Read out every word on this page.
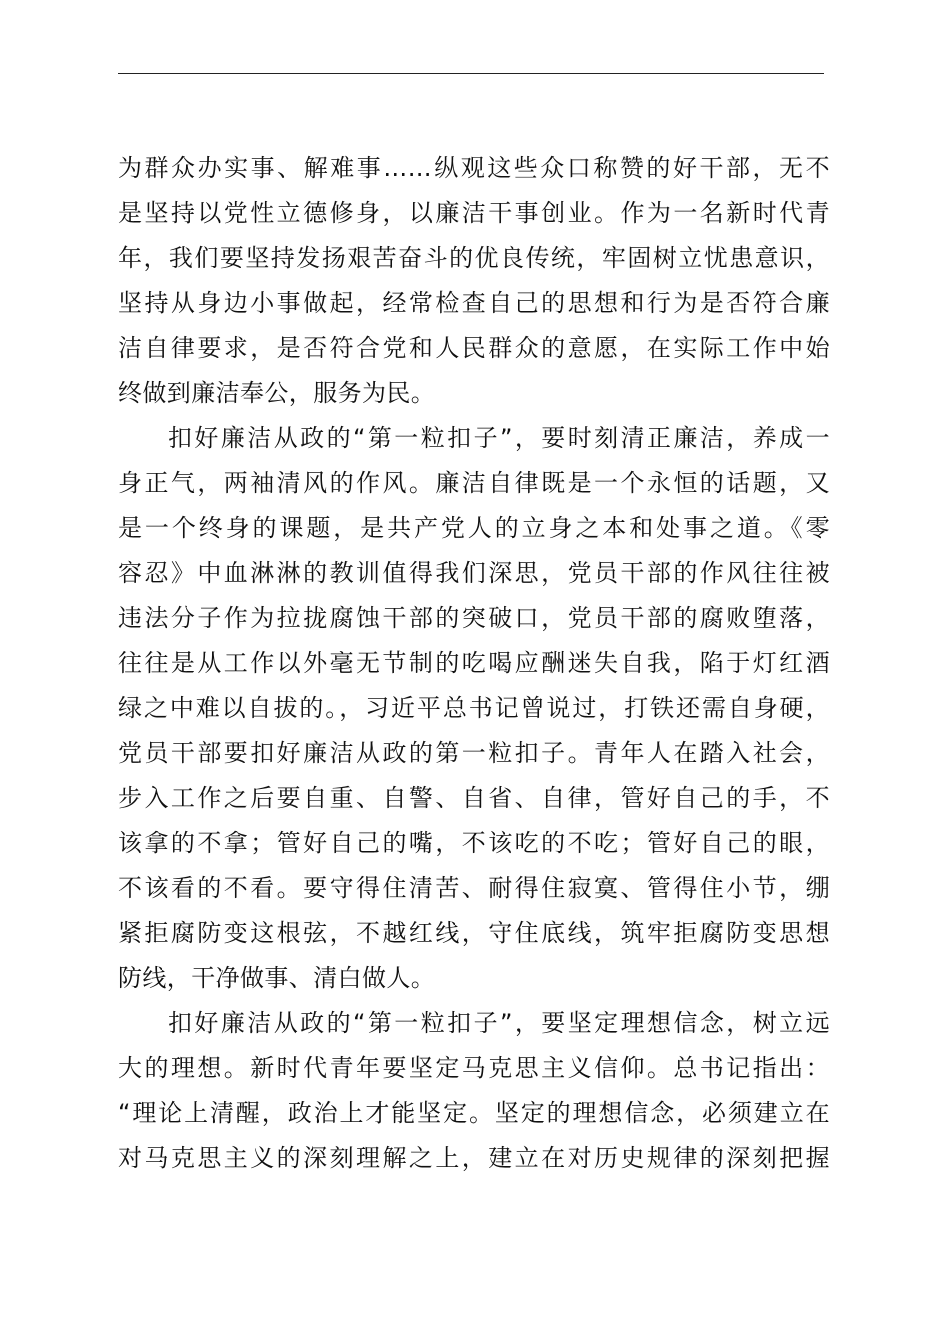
为群众办实事、解难事……纵观这些众口称赞的好干部，无不
是坚持以党性立德修身，以廉洁干事创业。作为一名新时代青
年，我们要坚持发扬艰苦奋斗的优良传统，牢固树立忧患意识，
坚持从身边小事做起，经常检查自己的思想和行为是否符合廉
洁自律要求，是否符合党和人民群众的意愿，在实际工作中始
终做到廉洁奉公，服务为民。
扣好廉洁从政的“第一粒扣子”，要时刻清正廉洁，养成一
身正气，两袖清风的作风。廉洁自律既是一个永恒的话题，又
是一个终身的课题，是共产党人的立身之本和处事之道。《零
容忍》中血淋淋的教训值得我们深思，党员干部的作风往往被
违法分子作为拉拢腐蚀干部的突破口，党员干部的腐败堕落，
往往是从工作以外毫无节制的吃喝应酬迷失自我，陷于灯红酒
绿之中难以自拔的。，习近平总书记曾说过，打铁还需自身硬，
党员干部要扣好廉洁从政的第一粒扣子。青年人在踏入社会，
步入工作之后要自重、自警、自省、自律，管好自己的手，不
该拿的不拿；管好自己的嘴，不该吃的不吃；管好自己的眼，
不该看的不看。要守得住清苦、耐得住寂寞、管得住小节，绷
紧拒腐防变这根弦，不越红线，守住底线，筑牢拒腐防变思想
防线，干净做事、清白做人。
扣好廉洁从政的“第一粒扣子”，要坚定理想信念，树立远
大的理想。新时代青年要坚定马克思主义信仰。总书记指出：
“理论上清醒，政治上才能坚定。坚定的理想信念，必须建立在
对马克思主义的深刻理解之上，建立在对历史规律的深刻把握
